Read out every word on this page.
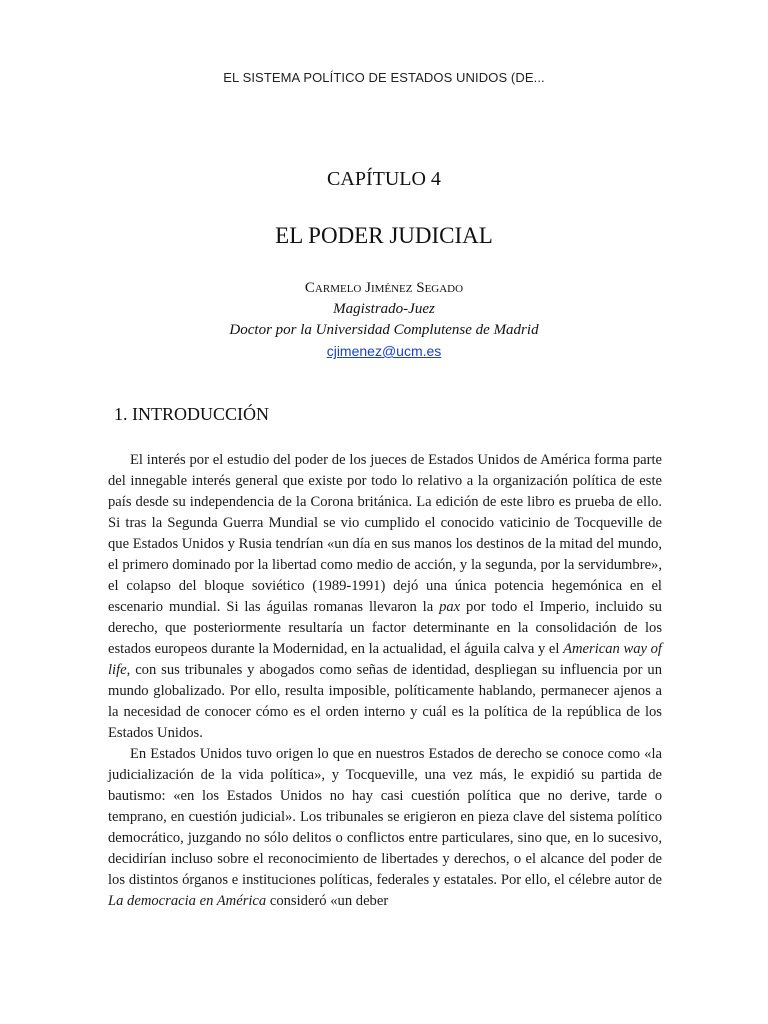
EL SISTEMA POLÍTICO DE ESTADOS UNIDOS (DE...
CAPÍTULO 4
EL PODER JUDICIAL
Carmelo Jiménez Segado
Magistrado-Juez
Doctor por la Universidad Complutense de Madrid
cjimenez@ucm.es
1. INTRODUCCIÓN

El interés por el estudio del poder de los jueces de Estados Unidos de América forma parte del innegable interés general que existe por todo lo relativo a la organización política de este país desde su independencia de la Corona británica. La edición de este libro es prueba de ello. Si tras la Segunda Guerra Mundial se vio cumplido el conocido vaticinio de Tocqueville de que Estados Unidos y Rusia tendrían «un día en sus manos los destinos de la mitad del mundo, el primero dominado por la libertad como medio de acción, y la segunda, por la servidumbre», el colapso del bloque soviético (1989-1991) dejó una única potencia hegemónica en el escenario mundial. Si las águilas romanas llevaron la pax por todo el Imperio, incluido su derecho, que posteriormente resultaría un factor determinante en la consolidación de los estados europeos durante la Modernidad, en la actualidad, el águila calva y el American way of life, con sus tribunales y abogados como señas de identidad, despliegan su influencia por un mundo globalizado. Por ello, resulta imposible, políticamente hablando, permanecer ajenos a la necesidad de conocer cómo es el orden interno y cuál es la política de la república de los Estados Unidos.

En Estados Unidos tuvo origen lo que en nuestros Estados de derecho se conoce como «la judicialización de la vida política», y Tocqueville, una vez más, le expidió su partida de bautismo: «en los Estados Unidos no hay casi cuestión política que no derive, tarde o temprano, en cuestión judicial». Los tribunales se erigieron en pieza clave del sistema político democrático, juzgando no sólo delitos o conflictos entre particulares, sino que, en lo sucesivo, decidirían incluso sobre el reconocimiento de libertades y derechos, o el alcance del poder de los distintos órganos e instituciones políticas, federales y estatales. Por ello, el célebre autor de La democracia en América consideró «un deber
